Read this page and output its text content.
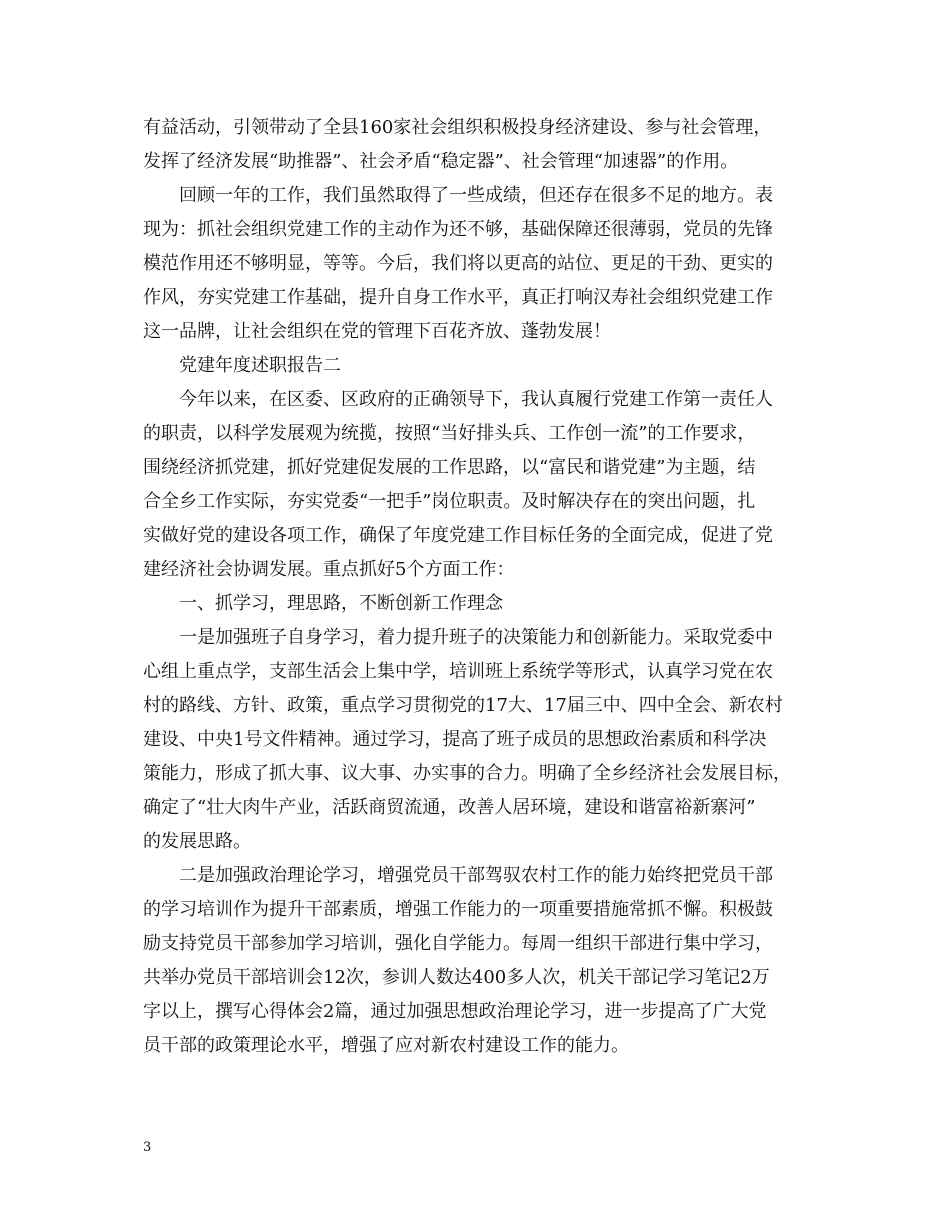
有益活动，引领带动了全县160家社会组织积极投身经济建设、参与社会管理，
发挥了经济发展“助推器”、社会矛盾“稳定器”、社会管理“加速器”的作用。
回顾一年的工作，我们虽然取得了一些成绩，但还存在很多不足的地方。表
现为：抓社会组织党建工作的主动作为还不够，基础保障还很薄弱，党员的先锋
模范作用还不够明显，等等。今后，我们将以更高的站位、更足的干劲、更实的
作风，夯实党建工作基础，提升自身工作水平，真正打响汉寿社会组织党建工作
这一品牌，让社会组织在党的管理下百花齐放、蓬勃发展！
党建年度述职报告二
今年以来，在区委、区政府的正确领导下，我认真履行党建工作第一责任人
的职责，以科学发展观为统揽，按照“当好排头兵、工作创一流”的工作要求，
围绕经济抓党建，抓好党建促发展的工作思路，以“富民和谐党建”为主题，结
合全乡工作实际，夯实党委“一把手”岗位职责。及时解决存在的突出问题，扎
实做好党的建设各项工作，确保了年度党建工作目标任务的全面完成，促进了党
建经济社会协调发展。重点抓好5个方面工作：
一、抓学习，理思路，不断创新工作理念
一是加强班子自身学习，着力提升班子的决策能力和创新能力。采取党委中
心组上重点学，支部生活会上集中学，培训班上系统学等形式，认真学习党在农
村的路线、方针、政策，重点学习贯彻党的17大、17届三中、四中全会、新农村
建设、中央1号文件精神。通过学习，提高了班子成员的思想政治素质和科学决
策能力，形成了抓大事、议大事、办实事的合力。明确了全乡经济社会发展目标，
确定了“壮大肉牛产业，活跃商贸流通，改善人居环境，建设和谐富裕新寨河”
的发展思路。
二是加强政治理论学习，增强党员干部驾驭农村工作的能力始终把党员干部
的学习培训作为提升干部素质，增强工作能力的一项重要措施常抓不懈。积极鼓
励支持党员干部参加学习培训，强化自学能力。每周一组织干部进行集中学习，
共举办党员干部培训会12次，参训人数达400多人次，机关干部记学习笔记2万
字以上，撰写心得体会2篇，通过加强思想政治理论学习，进一步提高了广大党
员干部的政策理论水平，增强了应对新农村建设工作的能力。
3
